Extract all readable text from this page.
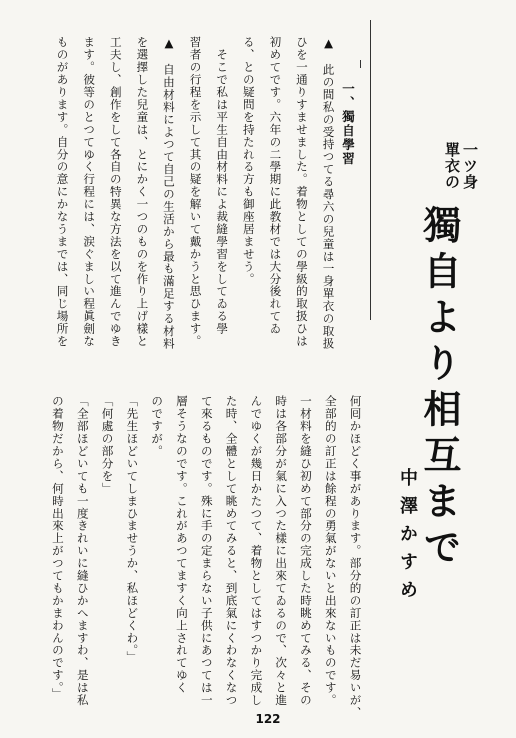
一ツ身
單衣の
獨自より相互まで
中澤かすめ
一、獨自學習
▲　此の間私の受持つてる尋六の兒童は一身單衣の取扱
ひを一通りすませました。着物としての學級的取扱ひは
初めてです。六年の二學期に此教材では大分後れてゐ
る、との疑問を持たれる方も御座居ませう。
　そこで私は平生自由材料によ裁縫學習をしてゐる學
習者の行程を示して其の疑を解いて戴かうと思ひます。
▲　自由材料によつて自己の生活から最も滿足する材料
を選擇した兒童は、とにかく一つのものを作り上げ樣と
工夫し、創作をして各自の特異な方法を以て進んでゆき
ます。彼等のとつてゆく行程には、涙ぐましい程眞劍な
ものがあります。自分の意にかなうまでは、同じ場所を
何囘かほどく事があります。部分的の訂正は未だ易いが、
全部的の訂正は餘程の勇氣がないと出來ないものです。
一材料を縫ひ初めて部分の完成した時眺めてみる、その
時は各部分が氣に入つた樣に出來てゐるので、次々と進
んでゆくが幾日かたつて、着物としてはすつかり完成し
た時、全體として眺めてみると、到底氣にくわなくなつ
て來るものです。殊に手の定まらない子供にあつては一
層そうなのです。これがあつてますく向上されてゆく
のですが。
「先生ほどいてしまひませうか、私ほどくわ。」
「何處の部分を」
「全部ほどいても一度きれいに縫ひかへますわ、是は私
の着物だから、何時出來上がつてもかまわんのです。」
122
